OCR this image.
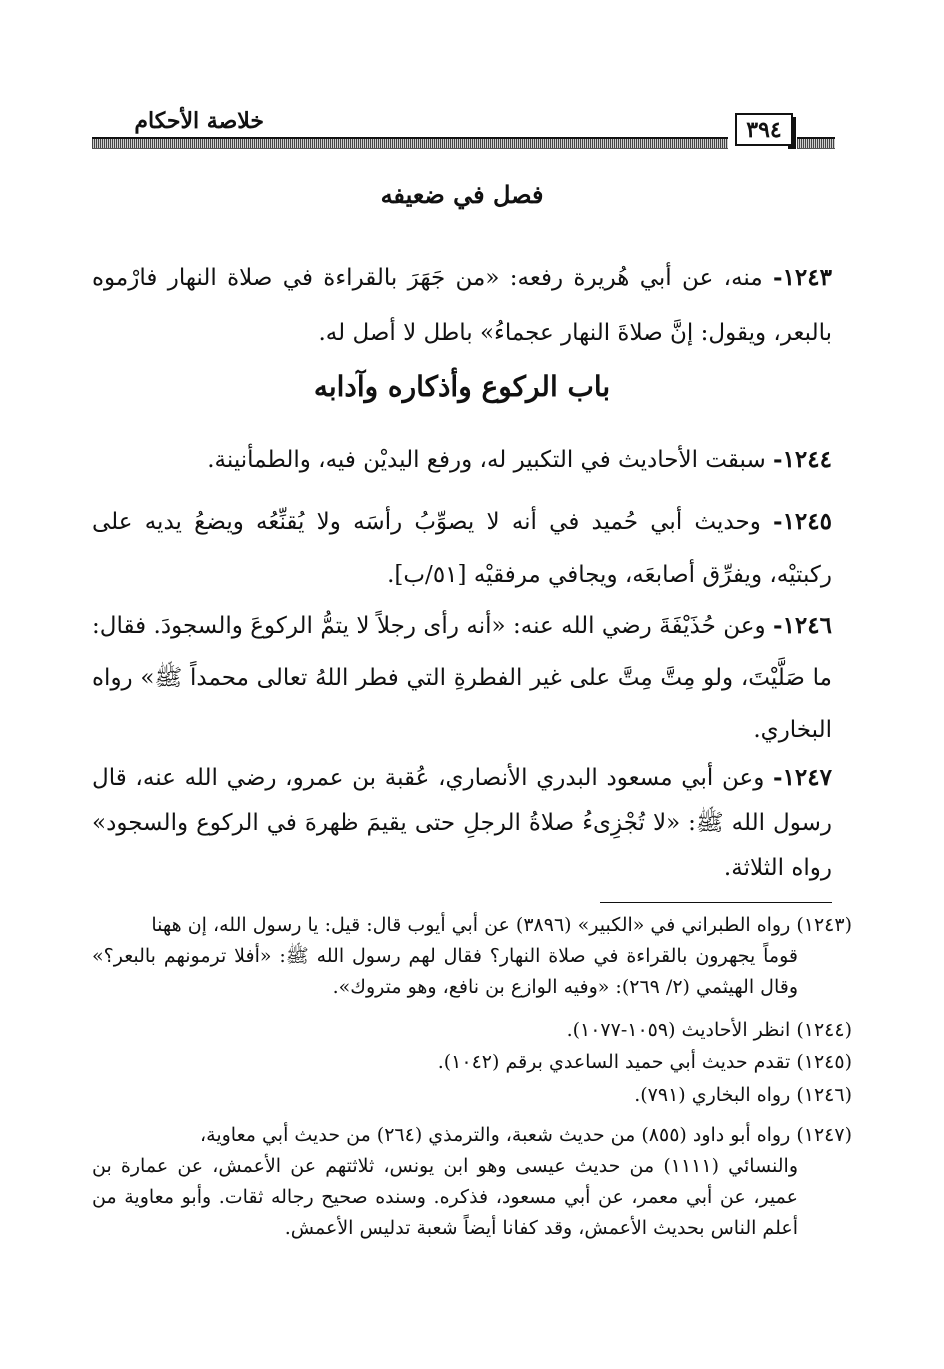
خلاصة الأحكام	٣٩٤
فصل في ضعيفه
١٢٤٣- منه، عن أبي هُريرة رفعه: «من جَهَرَ بالقراءة في صلاة النهار فارْموه بالبعر، ويقول: إنَّ صلاةَ النهار عجماءُ» باطل لا أصل له.
باب الركوع وأذكاره وآدابه
١٢٤٤- سبقت الأحاديث في التكبير له، ورفع اليديْن فيه، والطمأنينة.
١٢٤٥- وحديث أبي حُميد في أنه لا يصوِّبُ رأسَه ولا يُقنِّعُه ويضعُ يديه على ركبتيْه، ويفرِّق أصابعَه، ويجافي مرفقيْه [٥١/ب].
١٢٤٦- وعن حُذَيْفَةَ رضي الله عنه: «أنه رأى رجلاً لا يتمُّ الركوعَ والسجودَ. فقال: ما صَلَّيْتَ، ولو مِتَّ مِتَّ على غير الفطرةِ التي فطر اللهُ تعالى محمداً ﷺ» رواه البخاري.
١٢٤٧- وعن أبي مسعود البدري الأنصاري، عُقبة بن عمرو، رضي الله عنه، قال رسول الله ﷺ: «لا تُجْزِىءُ صلاةُ الرجلِ حتى يقيمَ ظهرهَ في الركوع والسجود» رواه الثلاثة.
(١٢٤٣) رواه الطبراني في «الكبير» (٣٨٩٦) عن أبي أيوب قال: قيل: يا رسول الله، إن ههنا
قوماً يجهرون بالقراءة في صلاة النهار؟ فقال لهم رسول الله ﷺ: «أفلا ترمونهم بالبعر؟» وقال الهيثمي (٢/ ٢٦٩): «وفيه الوازع بن نافع، وهو متروك».
(١٢٤٤) انظر الأحاديث (١٠٥٩-١٠٧٧).
(١٢٤٥) تقدم حديث أبي حميد الساعدي برقم (١٠٤٢).
(١٢٤٦) رواه البخاري (٧٩١).
(١٢٤٧) رواه أبو داود (٨٥٥) من حديث شعبة، والترمذي (٢٦٤) من حديث أبي معاوية،
والنسائي (١١١١) من حديث عيسى وهو ابن يونس، ثلاثتهم عن الأعمش، عن عمارة بن عمير، عن أبي معمر، عن أبي مسعود، فذكره. وسنده صحيح رجاله ثقات. وأبو معاوية من أعلم الناس بحديث الأعمش، وقد كفانا أيضاً شعبة تدليس الأعمش.
